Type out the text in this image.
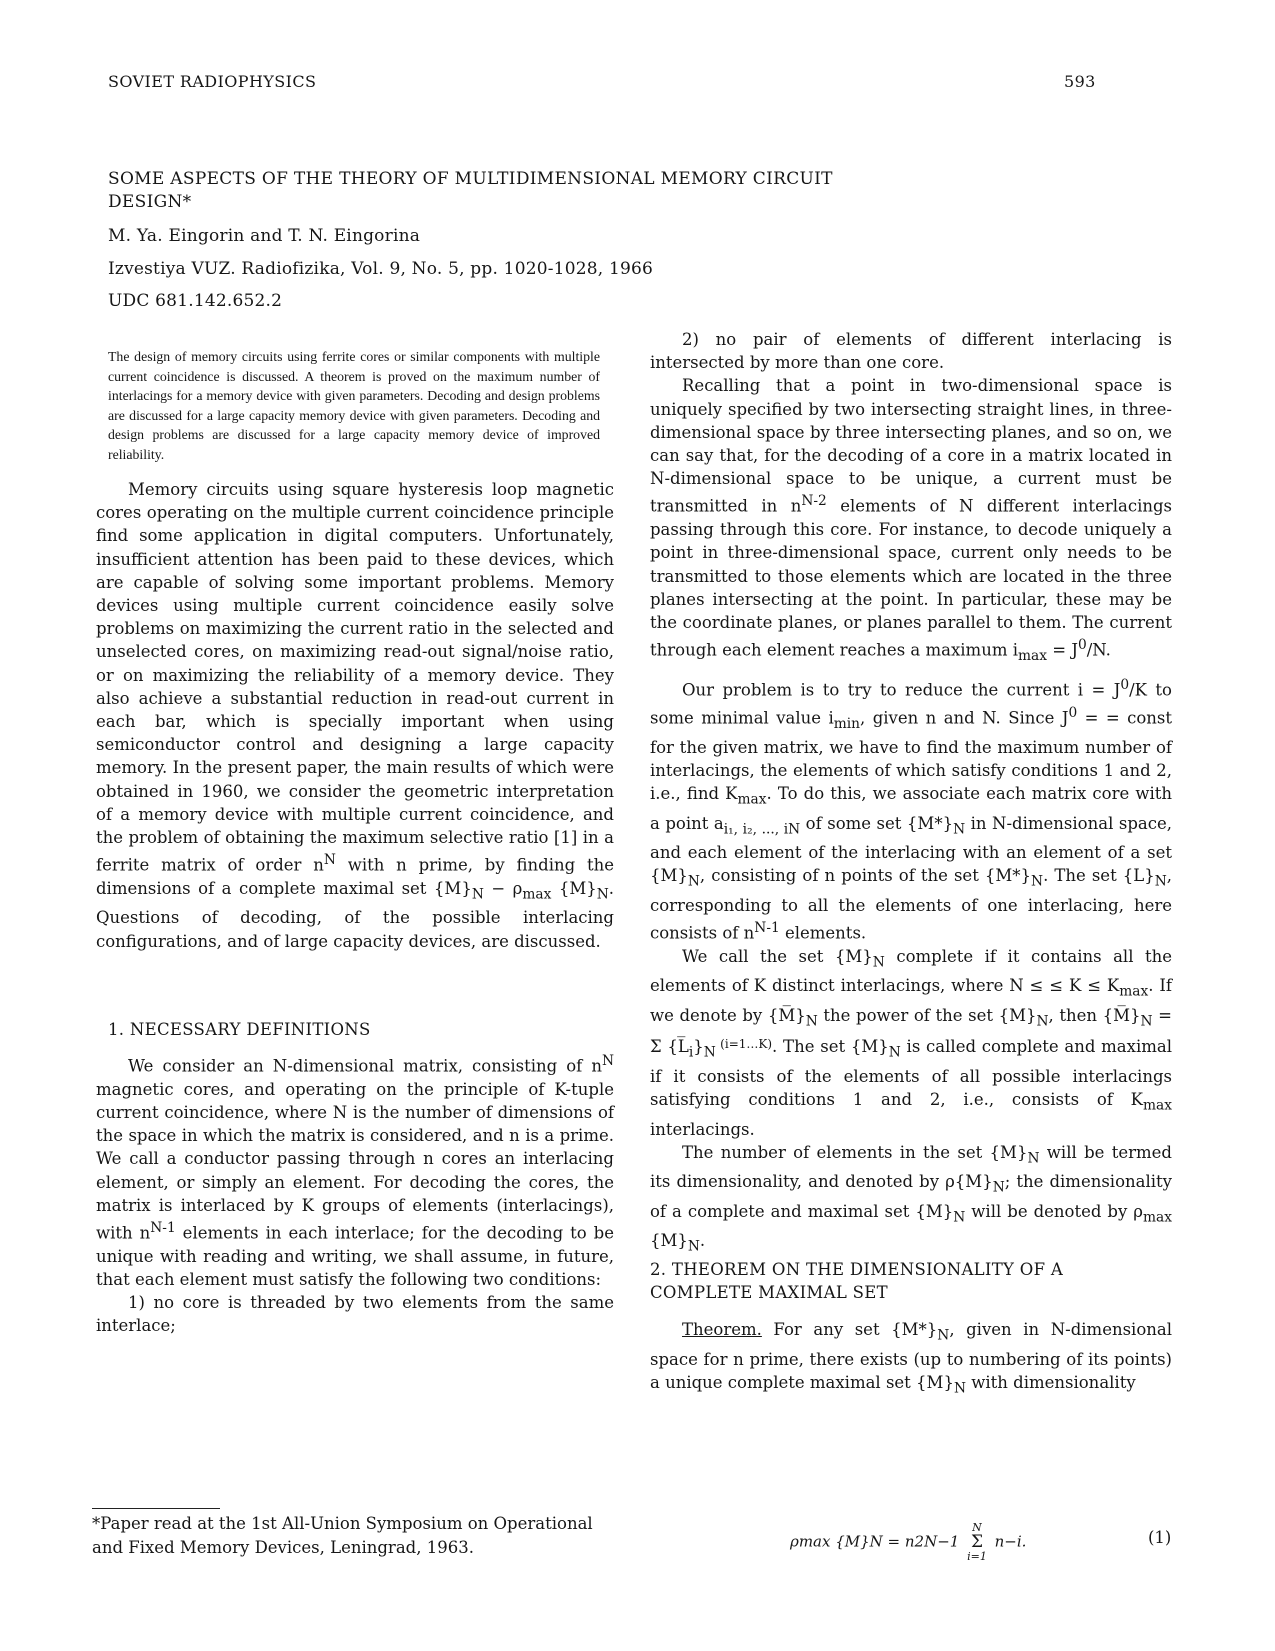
SOVIET RADIOPHYSICS	593
SOME ASPECTS OF THE THEORY OF MULTIDIMENSIONAL MEMORY CIRCUIT DESIGN*
M. Ya. Eingorin and T. N. Eingorina
Izvestiya VUZ. Radiofizika, Vol. 9, No. 5, pp. 1020-1028, 1966
UDC 681.142.652.2
The design of memory circuits using ferrite cores or similar components with multiple current coincidence is discussed. A theorem is proved on the maximum number of interlacings for a memory device with given parameters. Decoding and design problems are discussed for a large capacity memory device with given parameters. Decoding and design problems are discussed for a large capacity memory device of improved reliability.

Memory circuits using square hysteresis loop magnetic cores operating on the multiple current coincidence principle find some application in digital computers. Unfortunately, insufficient attention has been paid to these devices, which are capable of solving some important problems. Memory devices using multiple current coincidence easily solve problems on maximizing the current ratio in the selected and unselected cores, on maximizing read-out signal/noise ratio, or on maximizing the reliability of a memory device. They also achieve a substantial reduction in read-out current in each bar, which is specially important when using semiconductor control and designing a large capacity memory. In the present paper, the main results of which were obtained in 1960, we consider the geometric interpretation of a memory device with multiple current coincidence, and the problem of obtaining the maximum selective ratio [1] in a ferrite matrix of order $n^N$ with n prime, by finding the dimensions of a complete maximal set $\{M\}_N - \rho_{max}$ $\{M\}_N$. Questions of decoding, of the possible interlacing configurations, and of large capacity devices, are discussed.

1. NECESSARY DEFINITIONS

We consider an N-dimensional matrix, consisting of $n^N$ magnetic cores, and operating on the principle of K-tuple current coincidence, where N is the number of dimensions of the space in which the matrix is considered, and n is a prime. We call a conductor passing through n cores an interlacing element, or simply an element. For decoding the cores, the matrix is interlaced by K groups of elements (interlacings), with $n^{N-1}$ elements in each interlace; for the decoding to be unique with reading and writing, we shall assume, in future, that each element must satisfy the following two conditions:

1) no core is threaded by two elements from the same interlace;

*Paper read at the 1st All-Union Symposium on Operational and Fixed Memory Devices, Leningrad, 1963.

2) no pair of elements of different interlacing is intersected by more than one core.

Recalling that a point in two-dimensional space is uniquely specified by two intersecting straight lines, in three-dimensional space by three intersecting planes, and so on, we can say that, for the decoding of a core in a matrix located in N-dimensional space to be unique, a current must be transmitted in $n^{N-2}$ elements of N different interlacings passing through this core. For instance, to decode uniquely a point in three-dimensional space, current only needs to be transmitted to those elements which are located in the three planes intersecting at the point. In particular, these may be the coordinate planes, or planes parallel to them. The current through each element reaches a maximum $i_{max} = J^0/N$.

Our problem is to try to reduce the current $i = J^0/K$ to some minimal value $i_{min}$, given n and N. Since $J^0$ = = const for the given matrix, we have to find the maximum number of interlacings, the elements of which satisfy conditions 1 and 2, i.e., find $K_{max}$. To do this, we associate each matrix core with a point $a_{i_1, i_2, ..., iN}$ of some set $\{M*\}_N$ in N-dimensional space, and each element of the interlacing with an element of a set $\{M\}_N$, consisting of n points of the set $\{M*\}_N$. The set $\{L\}_N$, corresponding to all the elements of one interlacing, here consists of $n^{N-1}$ elements.

We call the set $\{M\}_N$ complete if it contains all the elements of K distinct interlacings, where N ≤ ≤ $K \le K_{max}$. If we denote by $\{M̅\}_N$ the power of the set $\{M\}_N$, then $\{M̅\}_N = \Sigma$ $\{L̅_i\}_N$ $^{(i=1\dots K)}$. The set $\{M\}_N$ is called complete and maximal if it consists of the elements of all possible interlacings satisfying conditions 1 and 2, i.e., consists of $K_{max}$ interlacings.

The number of elements in the set $\{M\}_N$ will be termed its dimensionality, and denoted by $\rho\{M\}_N$; the dimensionality of a complete and maximal set $\{M\}_N$ will be denoted by $\rho_{max}$ $\{M\}_N$.

2. THEOREM ON THE DIMENSIONALITY OF A COMPLETE MAXIMAL SET

Theorem. For any set $\{M*\}_N$, given in N-dimensional space for n prime, there exists (up to numbering of its points) a unique complete maximal set $\{M\}_N$ with dimensionality

ρmax {M}N = n2N−1
N
Σ
i=1
n−i.	(1)
